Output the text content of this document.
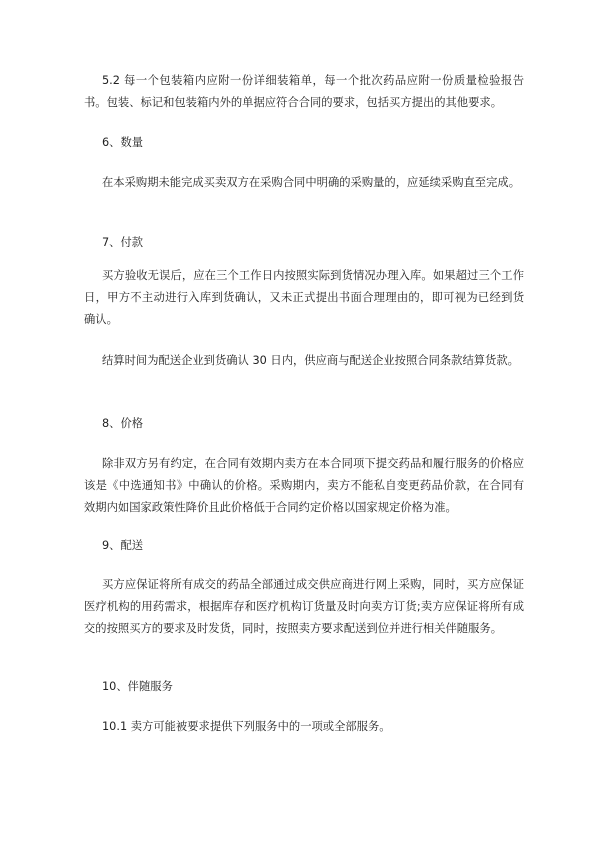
5.2 每一个包装箱内应附一份详细装箱单，每一个批次药品应附一份质量检验报告书。包装、标记和包装箱内外的单据应符合合同的要求，包括买方提出的其他要求。

6、数量

在本采购期未能完成买卖双方在采购合同中明确的采购量的，应延续采购直至完成。

7、付款

买方验收无误后，应在三个工作日内按照实际到货情况办理入库。如果超过三个工作日，甲方不主动进行入库到货确认，又未正式提出书面合理理由的，即可视为已经到货确认。

结算时间为配送企业到货确认 30 日内，供应商与配送企业按照合同条款结算货款。

8、价格

除非双方另有约定，在合同有效期内卖方在本合同项下提交药品和履行服务的价格应该是《中选通知书》中确认的价格。采购期内，卖方不能私自变更药品价款，在合同有效期内如国家政策性降价且此价格低于合同约定价格以国家规定价格为准。

9、配送

买方应保证将所有成交的药品全部通过成交供应商进行网上采购，同时，买方应保证医疗机构的用药需求，根据库存和医疗机构订货量及时向卖方订货;卖方应保证将所有成交的按照买方的要求及时发货，同时，按照卖方要求配送到位并进行相关伴随服务。

10、伴随服务

10.1 卖方可能被要求提供下列服务中的一项或全部服务。
